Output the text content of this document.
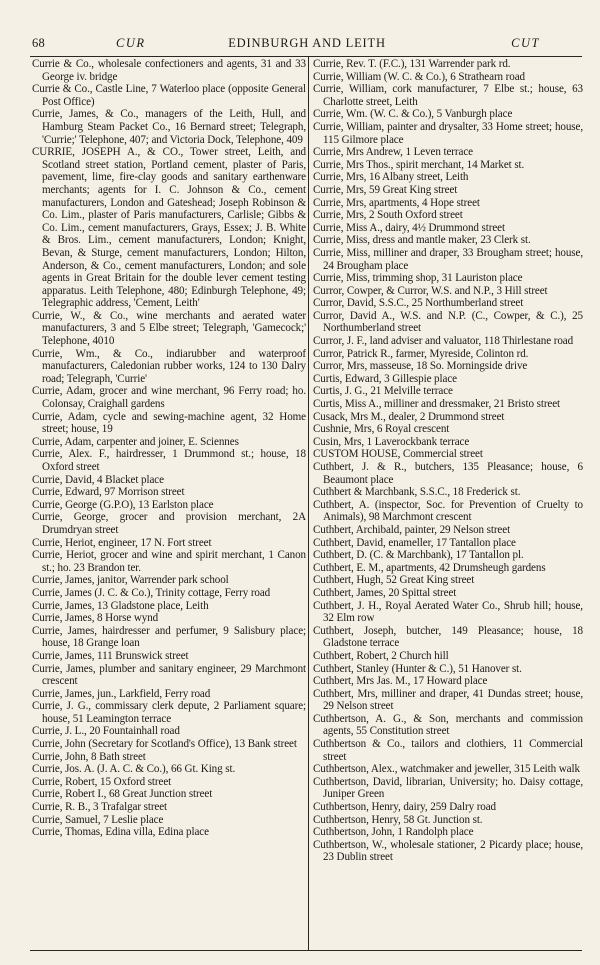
68	CUR	EDINBURGH AND LEITH	CUT

Currie & Co., wholesale confectioners and agents, 31 and 33 George iv. bridge

Currie & Co., Castle Line, 7 Waterloo place (opposite General Post Office)

Currie, James, & Co., managers of the Leith, Hull, and Hamburg Steam Packet Co., 16 Bernard street; Telegraph, 'Currie;' Telephone, 407; and Victoria Dock, Telephone, 409

CURRIE, JOSEPH A., & CO., Tower street, Leith, and Scotland street station, Portland cement, plaster of Paris, pavement, lime, fire-clay goods and sanitary earthenware merchants; agents for I. C. Johnson & Co., cement manufacturers, London and Gateshead; Joseph Robinson & Co. Lim., plaster of Paris manufacturers, Carlisle; Gibbs & Co. Lim., cement manufacturers, Grays, Essex; J. B. White & Bros. Lim., cement manufacturers, London; Knight, Bevan, & Sturge, cement manufacturers, London; Hilton, Anderson, & Co., cement manufacturers, London; and sole agents in Great Britain for the double lever cement testing apparatus. Leith Telephone, 480; Edinburgh Telephone, 49; Telegraphic address, 'Cement, Leith'

Currie, W., & Co., wine merchants and aerated water manufacturers, 3 and 5 Elbe street; Telegraph, 'Gamecock;' Telephone, 4010

Currie, Wm., & Co., indiarubber and waterproof manufacturers, Caledonian rubber works, 124 to 130 Dalry road; Telegraph, 'Currie'

Currie, Adam, grocer and wine merchant, 96 Ferry road; ho. Colonsay, Craighall gardens

Currie, Adam, cycle and sewing-machine agent, 32 Home street; house, 19

Currie, Adam, carpenter and joiner, E. Sciennes

Currie, Alex. F., hairdresser, 1 Drummond st.; house, 18 Oxford street

Currie, David, 4 Blacket place

Currie, Edward, 97 Morrison street

Currie, George (G.P.O), 13 Earlston place

Currie, George, grocer and provision merchant, 2A Drumdryan street

Currie, Heriot, engineer, 17 N. Fort street

Currie, Heriot, grocer and wine and spirit merchant, 1 Canon st.; ho. 23 Brandon ter.

Currie, James, janitor, Warrender park school

Currie, James (J. C. & Co.), Trinity cottage, Ferry road

Currie, James, 13 Gladstone place, Leith

Currie, James, 8 Horse wynd

Currie, James, hairdresser and perfumer, 9 Salisbury place; house, 18 Grange loan

Currie, James, 111 Brunswick street

Currie, James, plumber and sanitary engineer, 29 Marchmont crescent

Currie, James, jun., Larkfield, Ferry road

Currie, J. G., commissary clerk depute, 2 Parliament square; house, 51 Leamington terrace

Currie, J. L., 20 Fountainhall road

Currie, John (Secretary for Scotland's Office), 13 Bank street

Currie, John, 8 Bath street

Currie, Jos. A. (J. A. C. & Co.), 66 Gt. King st.

Currie, Robert, 15 Oxford street

Currie, Robert I., 68 Great Junction street

Currie, R. B., 3 Trafalgar street

Currie, Samuel, 7 Leslie place

Currie, Thomas, Edina villa, Edina place

Currie, Rev. T. (F.C.), 131 Warrender park rd.

Currie, William (W. C. & Co.), 6 Strathearn road

Currie, William, cork manufacturer, 7 Elbe st.; house, 63 Charlotte street, Leith

Currie, Wm. (W. C. & Co.), 5 Vanburgh place

Currie, William, painter and drysalter, 33 Home street; house, 115 Gilmore place

Currie, Mrs Andrew, 1 Leven terrace

Currie, Mrs Thos., spirit merchant, 14 Market st.

Currie, Mrs, 16 Albany street, Leith

Currie, Mrs, 59 Great King street

Currie, Mrs, apartments, 4 Hope street

Currie, Mrs, 2 South Oxford street

Currie, Miss A., dairy, 4½ Drummond street

Currie, Miss, dress and mantle maker, 23 Clerk st.

Currie, Miss, milliner and draper, 33 Brougham street; house, 24 Brougham place

Currie, Miss, trimming shop, 31 Lauriston place

Curror, Cowper, & Curror, W.S. and N.P., 3 Hill street

Curror, David, S.S.C., 25 Northumberland street

Curror, David A., W.S. and N.P. (C., Cowper, & C.), 25 Northumberland street

Curror, J. F., land adviser and valuator, 118 Thirlestane road

Curror, Patrick R., farmer, Myreside, Colinton rd.

Curror, Mrs, masseuse, 18 So. Morningside drive

Curtis, Edward, 3 Gillespie place

Curtis, J. G., 21 Melville terrace

Curtis, Miss A., milliner and dressmaker, 21 Bristo street

Cusack, Mrs M., dealer, 2 Drummond street

Cushnie, Mrs, 6 Royal crescent

Cusin, Mrs, 1 Laverockbank terrace

CUSTOM HOUSE, Commercial street

Cuthbert, J. & R., butchers, 135 Pleasance; house, 6 Beaumont place

Cuthbert & Marchbank, S.S.C., 18 Frederick st.

Cuthbert, A. (inspector, Soc. for Prevention of Cruelty to Animals), 98 Marchmont crescent

Cuthbert, Archibald, painter, 29 Nelson street

Cuthbert, David, enameller, 17 Tantallon place

Cuthbert, D. (C. & Marchbank), 17 Tantallon pl.

Cuthbert, E. M., apartments, 42 Drumsheugh gardens

Cuthbert, Hugh, 52 Great King street

Cuthbert, James, 20 Spittal street

Cuthbert, J. H., Royal Aerated Water Co., Shrub hill; house, 32 Elm row

Cuthbert, Joseph, butcher, 149 Pleasance; house, 18 Gladstone terrace

Cuthbert, Robert, 2 Church hill

Cuthbert, Stanley (Hunter & C.), 51 Hanover st.

Cuthbert, Mrs Jas. M., 17 Howard place

Cuthbert, Mrs, milliner and draper, 41 Dundas street; house, 29 Nelson street

Cuthbertson, A. G., & Son, merchants and commission agents, 55 Constitution street

Cuthbertson & Co., tailors and clothiers, 11 Commercial street

Cuthbertson, Alex., watchmaker and jeweller, 315 Leith walk

Cuthbertson, David, librarian, University; ho. Daisy cottage, Juniper Green

Cuthbertson, Henry, dairy, 259 Dalry road

Cuthbertson, Henry, 58 Gt. Junction st.

Cuthbertson, John, 1 Randolph place

Cuthbertson, W., wholesale stationer, 2 Picardy place; house, 23 Dublin street
